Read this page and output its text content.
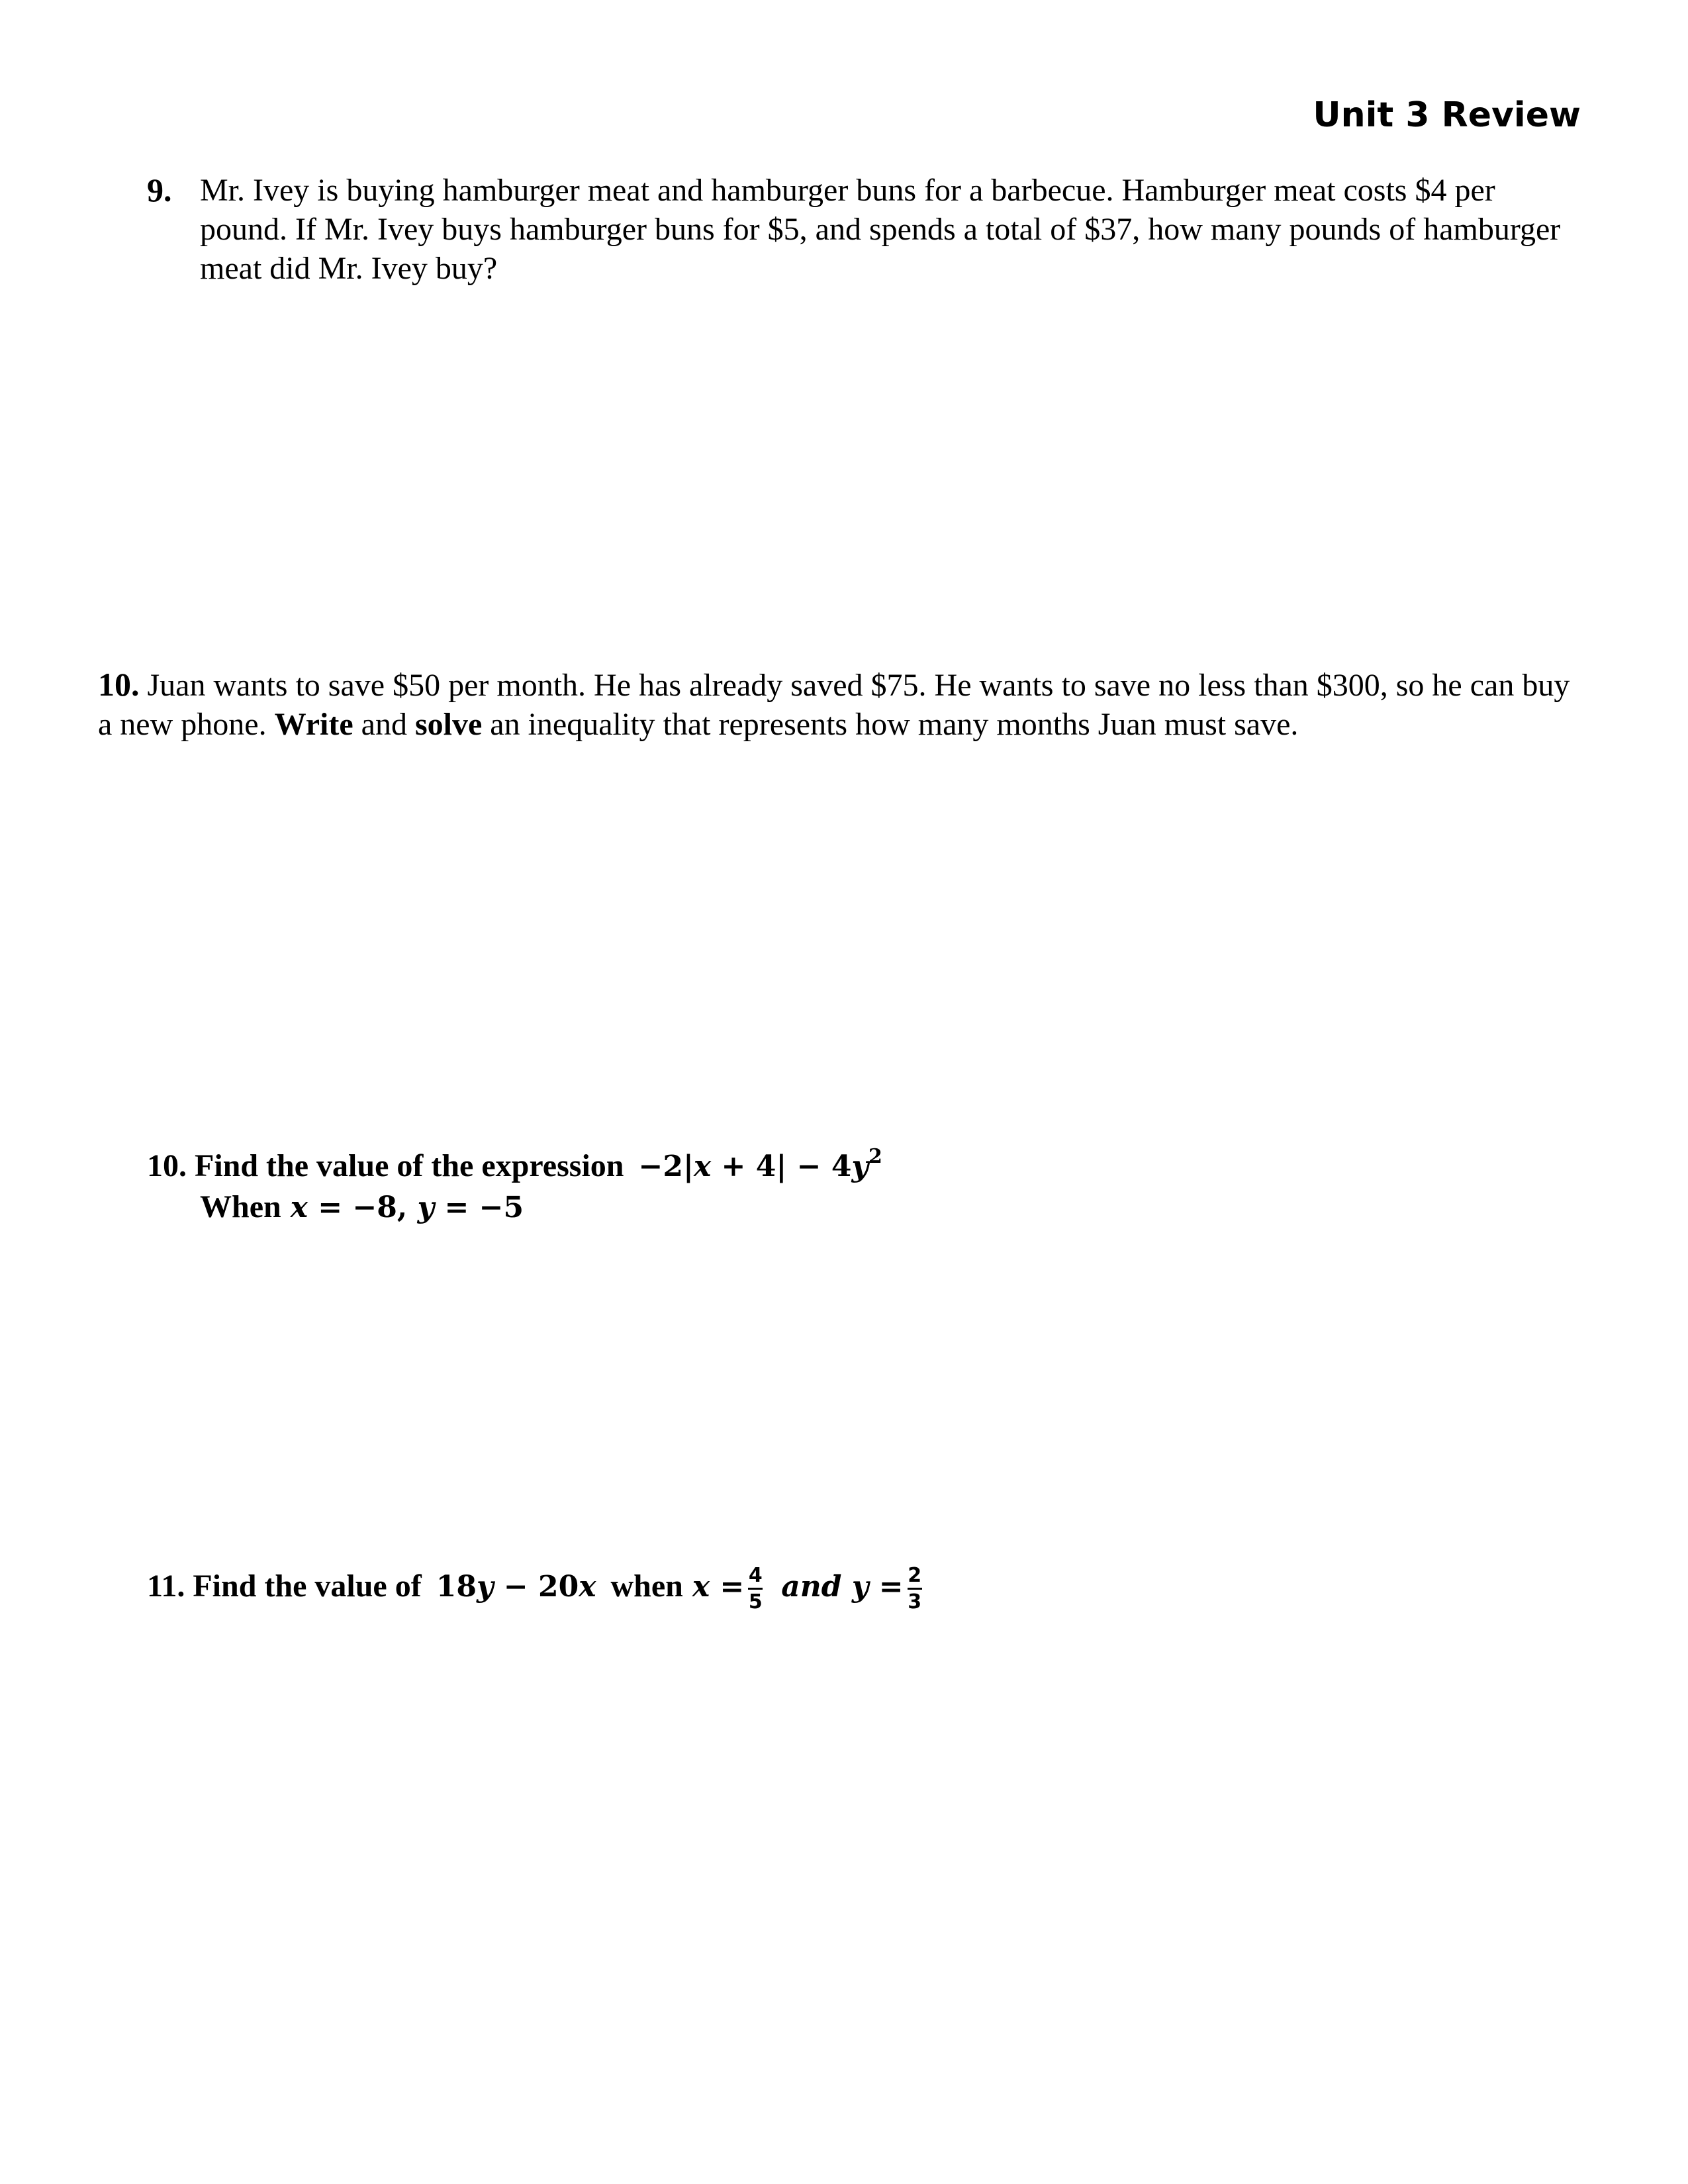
Unit 3 Review
9. Mr. Ivey is buying hamburger meat and hamburger buns for a barbecue. Hamburger meat costs $4 per pound. If Mr. Ivey buys hamburger buns for $5, and spends a total of $37, how many pounds of hamburger meat did Mr. Ivey buy?
10. Juan wants to save $50 per month. He has already saved $75. He wants to save no less than $300, so he can buy a new phone. Write and solve an inequality that represents how many months Juan must save.
10. Find the value of the expression $-2|x + 4| - 4y^2$
When x = −8, y = −5
11. Find the value of 18y − 20x when $x = \frac{4}{5}$ and $y = \frac{2}{3}$
